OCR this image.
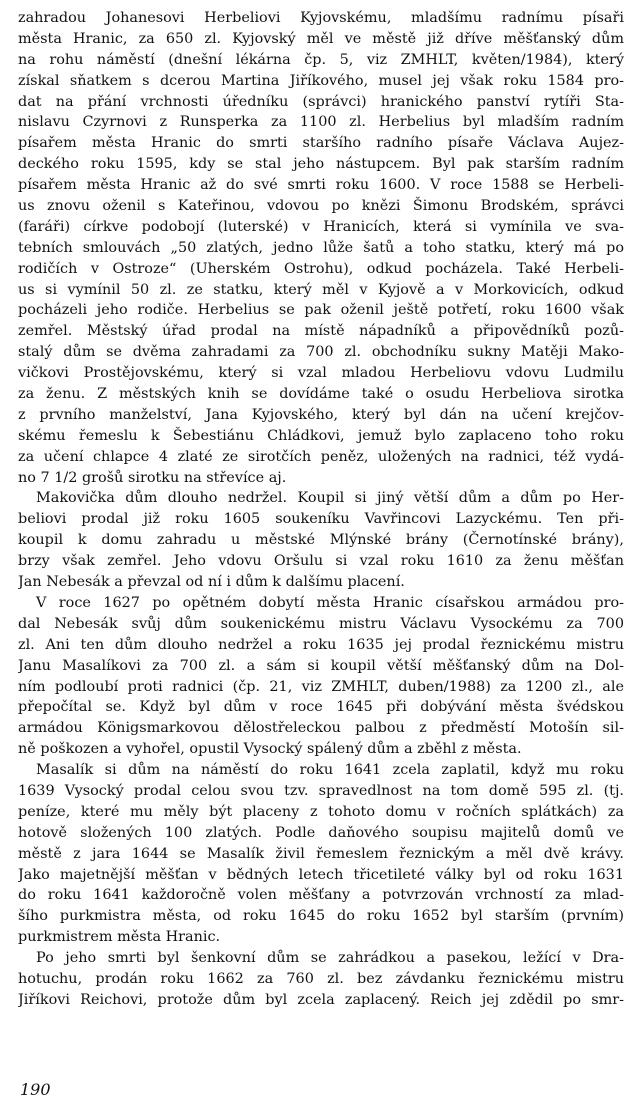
zahradou Johanesovi Herbeliovi Kyjovskému, mladšímu radnímu písaři
města Hranic, za 650 zl. Kyjovský měl ve městě již dříve měšťanský dům
na rohu náměstí (dnešní lékárna čp. 5, viz ZMHLT, květen/1984), který
získal sňatkem s dcerou Martina Jiříkového, musel jej však roku 1584 pro-
dat na přání vrchnosti úředníku (správci) hranického panství rytíři Sta-
nislavu Czyrnovi z Runsperka za 1100 zl. Herbelius byl mladším radním
písařem města Hranic do smrti staršího radního písaře Václava Aujez-
deckého roku 1595, kdy se stal jeho nástupcem. Byl pak starším radním
písařem města Hranic až do své smrti roku 1600. V roce 1588 se Herbeli-
us znovu oženil s Kateřinou, vdovou po knězi Šimonu Brodském, správci
(faráři) církve podobojí (luterské) v Hranicích, která si vymínila ve sva-
tebních smlouvách „50 zlatých, jedno lůže šatů a toho statku, který má po
rodičích v Ostroze“ (Uherském Ostrohu), odkud pocházela. Také Herbeli-
us si vymínil 50 zl. ze statku, který měl v Kyjově a v Morkovicích, odkud
pocházeli jeho rodiče. Herbelius se pak oženil ještě potřetí, roku 1600 však
zemřel. Městský úřad prodal na místě nápadníků a připovědníků pozů-
stalý dům se dvěma zahradami za 700 zl. obchodníku sukny Matěji Mako-
vičkovi Prostějovskému, který si vzal mladou Herbeliovu vdovu Ludmilu
za ženu. Z městských knih se dovídáme také o osudu Herbeliova sirotka
z prvního manželství, Jana Kyjovského, který byl dán na učení krejčov-
skému řemeslu k Šebestiánu Chládkovi, jemuž bylo zaplaceno toho roku
za učení chlapce 4 zlaté ze sirotčích peněz, uložených na radnici, též vydá-
no 7 1/2 grošů sirotku na střevíce aj.
Makovička dům dlouho nedržel. Koupil si jiný větší dům a dům po Her-
beliovi prodal již roku 1605 soukeníku Vavřincovi Lazyckému. Ten při-
koupil k domu zahradu u městské Mlýnské brány (Černotínské brány),
brzy však zemřel. Jeho vdovu Oršulu si vzal roku 1610 za ženu měšťan
Jan Nebesák a převzal od ní i dům k dalšímu placení.
V roce 1627 po opětném dobytí města Hranic císařskou armádou pro-
dal Nebesák svůj dům soukenickému mistru Václavu Vysockému za 700
zl. Ani ten dům dlouho nedržel a roku 1635 jej prodal řeznickému mistru
Janu Masalíkovi za 700 zl. a sám si koupil větší měšťanský dům na Dol-
ním podloubí proti radnici (čp. 21, viz ZMHLT, duben/1988) za 1200 zl., ale
přepočítal se. Když byl dům v roce 1645 při dobývání města švédskou
armádou Königsmarkovou dělostřeleckou palbou z předměstí Motošín sil-
ně poškozen a vyhořel, opustil Vysocký spálený dům a zběhl z města.
Masalík si dům na náměstí do roku 1641 zcela zaplatil, když mu roku
1639 Vysocký prodal celou svou tzv. spravedlnost na tom domě 595 zl. (tj.
peníze, které mu měly být placeny z tohoto domu v ročních splátkách) za
hotově složených 100 zlatých. Podle daňového soupisu majitelů domů ve
městě z jara 1644 se Masalík živil řemeslem řeznickým a měl dvě krávy.
Jako majetnější měšťan v bědných letech třicetileté války byl od roku 1631
do roku 1641 každoročně volen měšťany a potvrzován vrchností za mlad-
šího purkmistra města, od roku 1645 do roku 1652 byl starším (prvním)
purkmistrem města Hranic.
Po jeho smrti byl šenkovní dům se zahrádkou a pasekou, ležící v Dra-
hotuchu, prodán roku 1662 za 760 zl. bez závdanku řeznickému mistru
Jiříkovi Reichovi, protože dům byl zcela zaplacený. Reich jej zdědil po smr-
190
